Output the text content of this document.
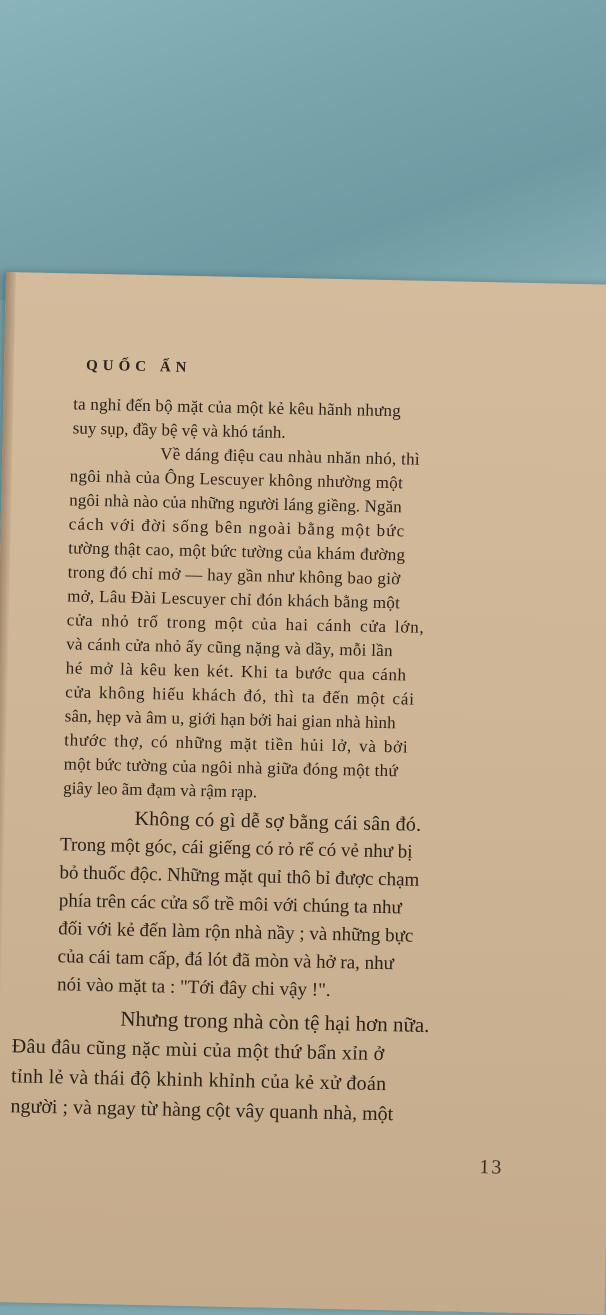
QUỐC ẤN
ta nghỉ đến bộ mặt của một kẻ kêu hãnh nhưng
suy sụp, đầy bệ vệ và khó tánh.
Về dáng điệu cau nhàu nhăn nhó, thì
ngôi nhà của Ông Lescuyer không nhường một
ngôi nhà nào của những người láng giềng. Ngăn
cách với đời sống bên ngoài bằng một bức
tường thật cao, một bức tường của khám đường
trong đó chỉ mở — hay gần như không bao giờ
mở, Lâu Đài Lescuyer chỉ đón khách bằng một
cửa nhỏ trổ trong một của hai cánh cửa lớn,
và cánh cửa nhỏ ấy cũng nặng và dầy, mỗi lần
hé mở là kêu ken két. Khi ta bước qua cánh
cửa không hiếu khách đó, thì ta đến một cái
sân, hẹp và âm u, giới hạn bởi hai gian nhà hình
thước thợ, có những mặt tiền hủi lở, và bởi
một bức tường của ngôi nhà giữa đóng một thứ
giây leo ãm đạm và rậm rạp.
Không có gì dễ sợ bằng cái sân đó.
Trong một góc, cái giếng có rỏ rể có vẻ như bị
bỏ thuốc độc. Những mặt quỉ thô bỉ được chạm
phía trên các cửa sổ trề môi với chúng ta như
đối với kẻ đến làm rộn nhà nầy ; và những bực
của cái tam cấp, đá lót đã mòn và hở ra, như
nói vào mặt ta : "Tới đây chi vậy !".
Nhưng trong nhà còn tệ hại hơn nữa.
Đâu đâu cũng nặc mùi của một thứ bẩn xỉn ở
tỉnh lẻ và thái độ khinh khỉnh của kẻ xử đoán
người ; và ngay từ hàng cột vây quanh nhà, một
13
